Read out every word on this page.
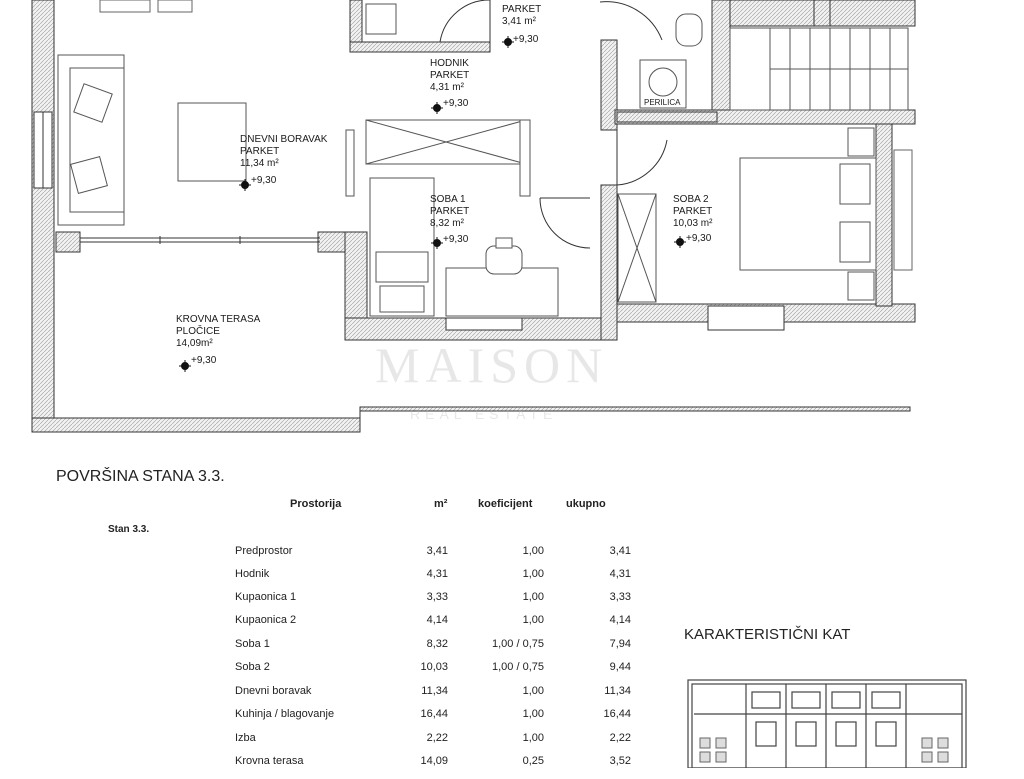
PARKET
3,41 m²
+9,30
HODNIK
PARKET
4,31 m²
+9,30
DNEVNI BORAVAK
PARKET
11,34 m²
+9,30
SOBA 1
PARKET
8,32 m²
+9,30
SOBA 2
PARKET
10,03 m²
+9,30
KROVNA TERASA
PLOČICE
14,09m²
+9,30
PERILICA
MAISON
REAL ESTATE
POVRŠINA STANA 3.3.
Prostorija	m²	koeficijent	ukupno
Stan 3.3.
Predprostor	3,41	1,00	3,41
Hodnik	4,31	1,00	4,31
Kupaonica 1	3,33	1,00	3,33
Kupaonica 2	4,14	1,00	4,14
Soba 1	8,32	1,00 / 0,75	7,94
Soba 2	10,03	1,00 / 0,75	9,44
Dnevni boravak	11,34	1,00	11,34
Kuhinja / blagovanje	16,44	1,00	16,44
Izba	2,22	1,00	2,22
Krovna terasa	14,09	0,25	3,52
KARAKTERISTIČNI KAT
